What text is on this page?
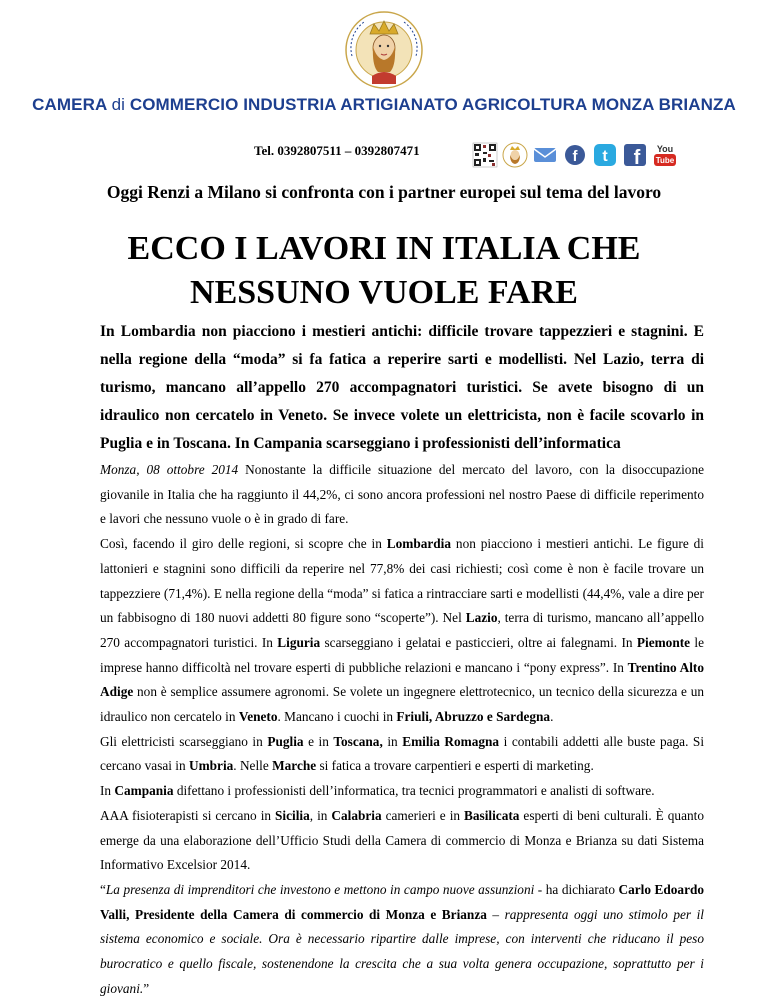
CAMERA di COMMERCIO INDUSTRIA ARTIGIANATO AGRICOLTURA MONZA BRIANZA
Tel. 0392807511 – 0392807471	f t f You
Tube
Oggi Renzi a Milano si confronta con i partner europei sul tema del lavoro
ECCO I LAVORI IN ITALIA CHE
NESSUNO VUOLE FARE

In Lombardia non piacciono i mestieri antichi: difficile trovare tappezzieri e stagnini. E nella regione della “moda” si fa fatica a reperire sarti e modellisti. Nel Lazio, terra di turismo, mancano all’appello 270 accompagnatori turistici. Se avete bisogno di un idraulico non cercatelo in Veneto. Se invece volete un elettricista, non è facile scovarlo in Puglia e in Toscana. In Campania scarseggiano i professionisti dell’informatica

Monza, 08 ottobre 2014 Nonostante la difficile situazione del mercato del lavoro, con la disoccupazione giovanile in Italia che ha raggiunto il 44,2%, ci sono ancora professioni nel nostro Paese di difficile reperimento e lavori che nessuno vuole o è in grado di fare.

Così, facendo il giro delle regioni, si scopre che in Lombardia non piacciono i mestieri antichi. Le figure di lattonieri e stagnini sono difficili da reperire nel 77,8% dei casi richiesti; così come è non è facile trovare un tappezziere (71,4%). E nella regione della “moda” si fatica a rintracciare sarti e modellisti (44,4%, vale a dire per un fabbisogno di 180 nuovi addetti 80 figure sono “scoperte”). Nel Lazio, terra di turismo, mancano all’appello 270 accompagnatori turistici. In Liguria scarseggiano i gelatai e pasticcieri, oltre ai falegnami. In Piemonte le imprese hanno difficoltà nel trovare esperti di pubbliche relazioni e mancano i “pony express”. In Trentino Alto Adige non è semplice assumere agronomi. Se volete un ingegnere elettrotecnico, un tecnico della sicurezza e un idraulico non cercatelo in Veneto. Mancano i cuochi in Friuli, Abruzzo e Sardegna.

Gli elettricisti scarseggiano in Puglia e in Toscana, in Emilia Romagna i contabili addetti alle buste paga. Si cercano vasai in Umbria. Nelle Marche si fatica a trovare carpentieri e esperti di marketing.

In Campania difettano i professionisti dell’informatica, tra tecnici programmatori e analisti di software.

AAA fisioterapisti si cercano in Sicilia, in Calabria camerieri e in Basilicata esperti di beni culturali. È quanto emerge da una elaborazione dell’Ufficio Studi della Camera di commercio di Monza e Brianza su dati Sistema Informativo Excelsior 2014.

“La presenza di imprenditori che investono e mettono in campo nuove assunzioni - ha dichiarato Carlo Edoardo Valli, Presidente della Camera di commercio di Monza e Brianza – rappresenta oggi uno stimolo per il sistema economico e sociale. Ora è necessario ripartire dalle imprese, con interventi che riducano il peso burocratico e quello fiscale, sostenendone la crescita che a sua volta genera occupazione, soprattutto per i giovani.”
